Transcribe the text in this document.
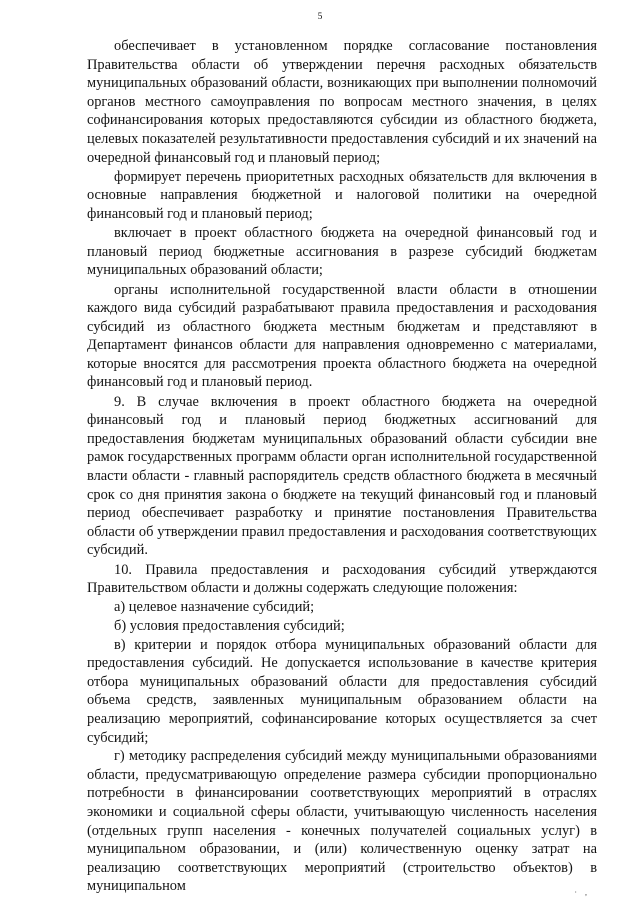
5

обеспечивает в установленном порядке согласование постановления Правительства области об утверждении перечня расходных обязательств муниципальных образований области, возникающих при выполнении полномочий органов местного самоуправления по вопросам местного значения, в целях софинансирования которых предоставляются субсидии из областного бюджета, целевых показателей результативности предоставления субсидий и их значений на очередной финансовый год и плановый период;

формирует перечень приоритетных расходных обязательств для включения в основные направления бюджетной и налоговой политики на очередной финансовый год и плановый период;

включает в проект областного бюджета на очередной финансовый год и плановый период бюджетные ассигнования в разрезе субсидий бюджетам муниципальных образований области;

органы исполнительной государственной власти области в отношении каждого вида субсидий разрабатывают правила предоставления и расходования субсидий из областного бюджета местным бюджетам и представляют в Департамент финансов области для направления одновременно с материалами, которые вносятся для рассмотрения проекта областного бюджета на очередной финансовый год и плановый период.

9. В случае включения в проект областного бюджета на очередной финансовый год и плановый период бюджетных ассигнований для предоставления бюджетам муниципальных образований области субсидии вне рамок государственных программ области орган исполнительной государственной власти области - главный распорядитель средств областного бюджета в месячный срок со дня принятия закона о бюджете на текущий финансовый год и плановый период обеспечивает разработку и принятие постановления Правительства области об утверждении правил предоставления и расходования соответствующих субсидий.

10. Правила предоставления и расходования субсидий утверждаются Правительством области и должны содержать следующие положения:

а) целевое назначение субсидий;

б) условия предоставления субсидий;

в) критерии и порядок отбора муниципальных образований области для предоставления субсидий. Не допускается использование в качестве критерия отбора муниципальных образований области для предоставления субсидий объема средств, заявленных муниципальным образованием области на реализацию мероприятий, софинансирование которых осуществляется за счет субсидий;

г) методику распределения субсидий между муниципальными образованиями области, предусматривающую определение размера субсидии пропорционально потребности в финансировании соответствующих мероприятий в отраслях экономики и социальной сферы области, учитывающую численность населения (отдельных групп населения - конечных получателей социальных услуг) в муниципальном образовании, и (или) количественную оценку затрат на реализацию соответствующих мероприятий (строительство объектов) в муниципальном	· ,
